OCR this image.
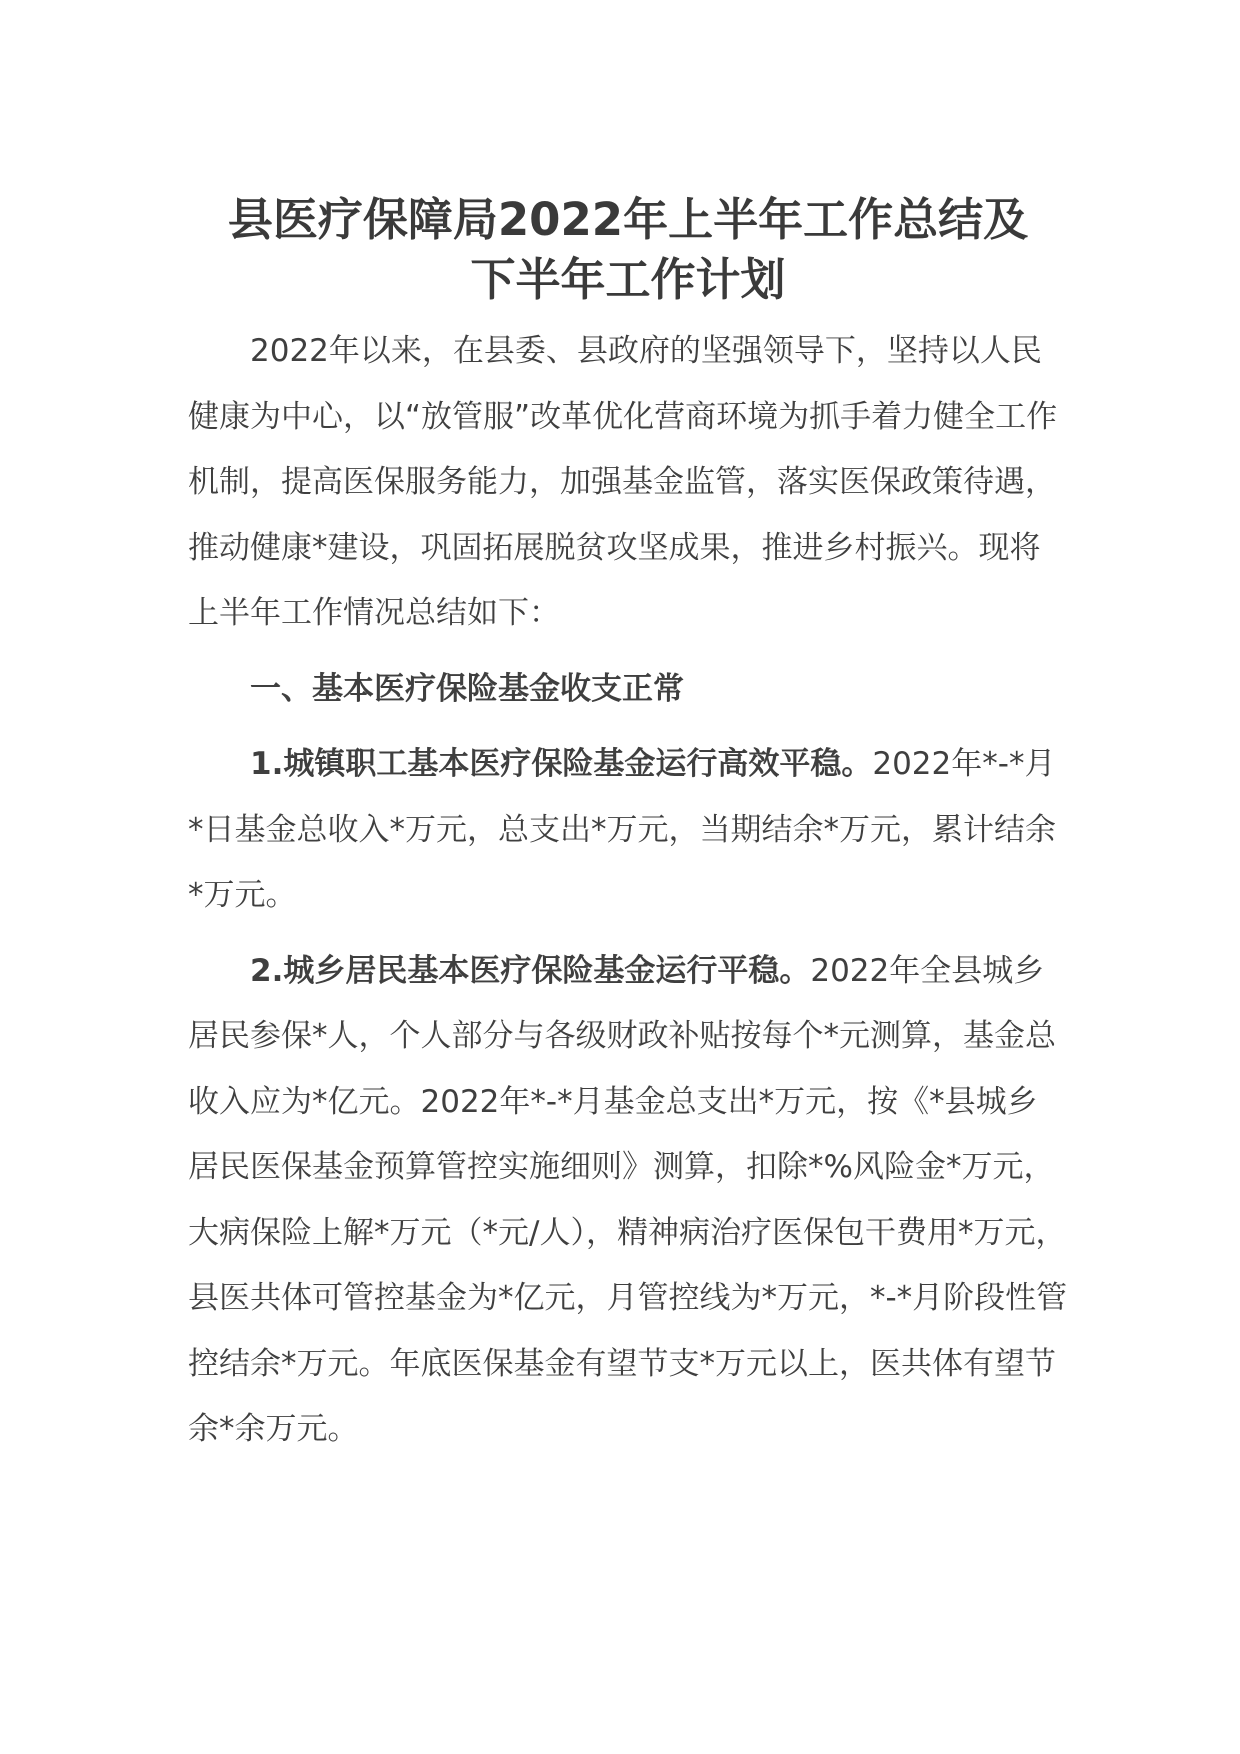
县医疗保障局2022年上半年工作总结及
下半年工作计划

2022年以来，在县委、县政府的坚强领导下，坚持以人民健康为中心，以“放管服”改革优化营商环境为抓手着力健全工作机制，提高医保服务能力，加强基金监管，落实医保政策待遇，推动健康*建设，巩固拓展脱贫攻坚成果，推进乡村振兴。现将上半年工作情况总结如下：

一、基本医疗保险基金收支正常

1.城镇职工基本医疗保险基金运行高效平稳。2022年*-*月*日基金总收入*万元，总支出*万元，当期结余*万元，累计结余*万元。

2.城乡居民基本医疗保险基金运行平稳。2022年全县城乡居民参保*人，个人部分与各级财政补贴按每个*元测算，基金总收入应为*亿元。2022年*-*月基金总支出*万元，按《*县城乡居民医保基金预算管控实施细则》测算，扣除*%风险金*万元，大病保险上解*万元（*元/人），精神病治疗医保包干费用*万元，县医共体可管控基金为*亿元，月管控线为*万元，*-*月阶段性管控结余*万元。年底医保基金有望节支*万元以上，医共体有望节余*余万元。
